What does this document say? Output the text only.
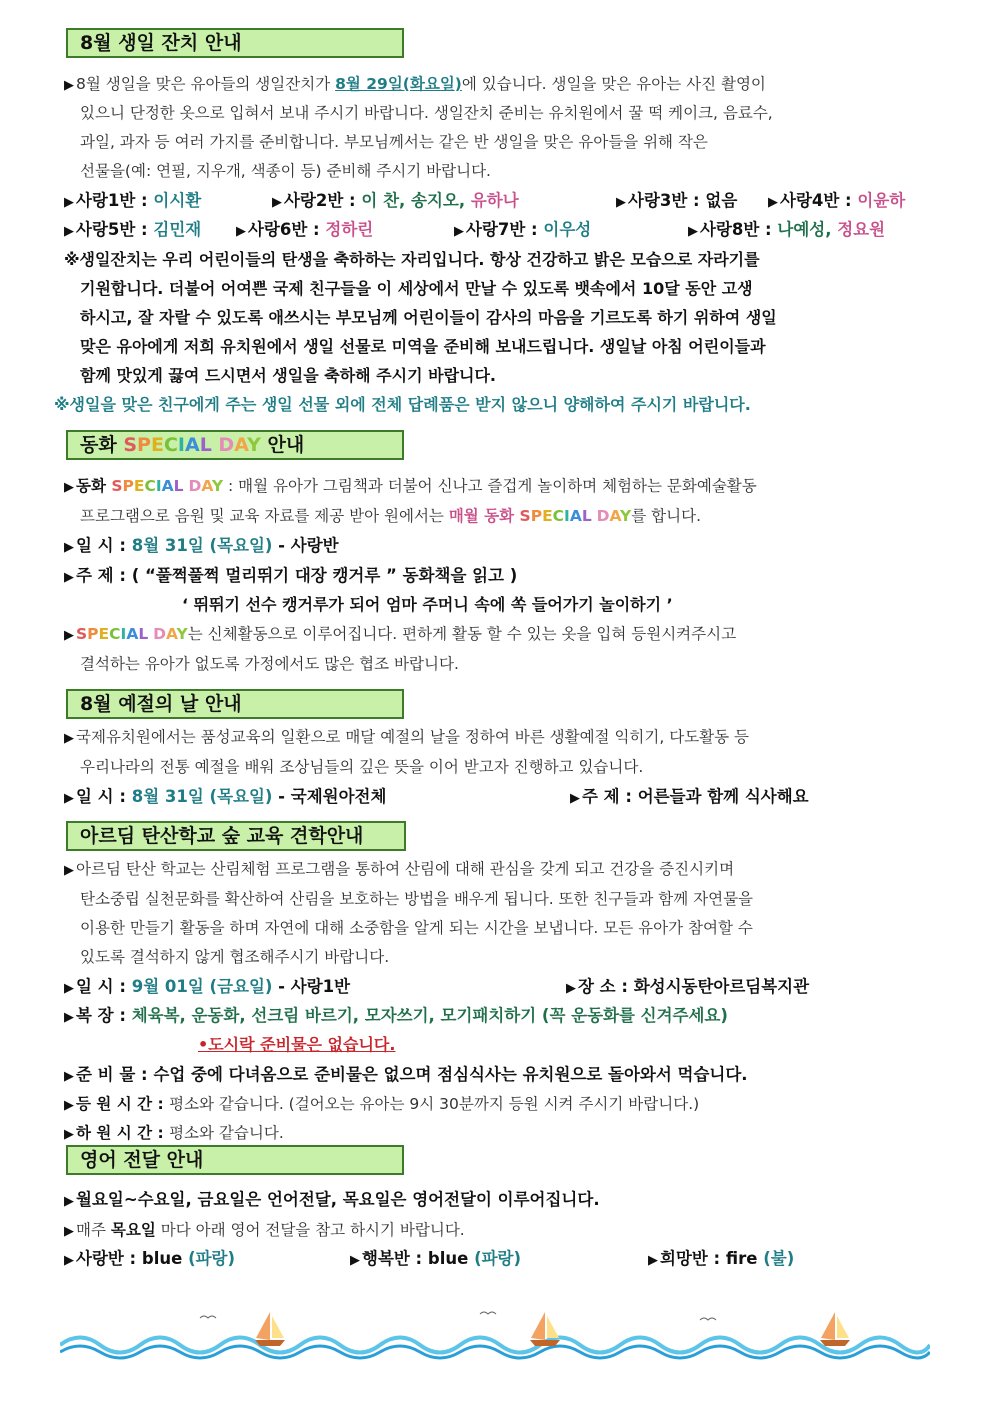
8월 생일 잔치 안내
▶ 8월 생일을 맞은 유아들의 생일잔치가 8월 29일(화요일)에 있습니다. 생일을 맞은 유아는 사진 촬영이
있으니 단정한 옷으로 입혀서 보내 주시기 바랍니다. 생일잔치 준비는 유치원에서 꿀 떡 케이크, 음료수,
과일, 과자 등 여러 가지를 준비합니다. 부모님께서는 같은 반 생일을 맞은 유아들을 위해 작은
선물을(예: 연필, 지우개, 색종이 등) 준비해 주시기 바랍니다.
▶ 사랑1반 : 이시환	▶ 사랑2반 : 이 찬, 송지오, 유하나	▶ 사랑3반 : 없음 ▶ 사랑4반 : 이윤하
▶ 사랑5반 : 김민재	▶ 사랑6반 : 정하린	▶ 사랑7반 : 이우성	▶ 사랑8반 : 나예성, 정요원
※생일잔치는 우리 어린이들의 탄생을 축하하는 자리입니다. 항상 건강하고 밝은 모습으로 자라기를
기원합니다. 더불어 어여쁜 국제 친구들을 이 세상에서 만날 수 있도록 뱃속에서 10달 동안 고생
하시고, 잘 자랄 수 있도록 애쓰시는 부모님께 어린이들이 감사의 마음을 기르도록 하기 위하여 생일
맞은 유아에게 저희 유치원에서 생일 선물로 미역을 준비해 보내드립니다. 생일날 아침 어린이들과
함께 맛있게 끓여 드시면서 생일을 축하해 주시기 바랍니다.
※생일을 맞은 친구에게 주는 생일 선물 외에 전체 답례품은 받지 않으니 양해하여 주시기 바랍니다.
동화 SPECIAL DAY 안내
▶ 동화 SPECIAL DAY : 매월 유아가 그림책과 더불어 신나고 즐겁게 놀이하며 체험하는 문화예술활동
프로그램으로 음원 및 교육 자료를 제공 받아 원에서는 매월 동화 SPECIAL DAY를 합니다.
▶ 일 시 : 8월 31일 (목요일) - 사랑반
▶ 주 제 : ( “풀쩍풀쩍 멀리뛰기 대장 캥거루 ” 동화책을 읽고 )
‘ 뛰뛰기 선수 캥거루가 되어 엄마 주머니 속에 쏙 들어가기 놀이하기 ’
▶ SPECIAL DAY는 신체활동으로 이루어집니다. 편하게 활동 할 수 있는 옷을 입혀 등원시켜주시고
결석하는 유아가 없도록 가정에서도 많은 협조 바랍니다.
8월 예절의 날 안내
▶ 국제유치원에서는 품성교육의 일환으로 매달 예절의 날을 정하여 바른 생활예절 익히기, 다도활동 등
우리나라의 전통 예절을 배워 조상님들의 깊은 뜻을 이어 받고자 진행하고 있습니다.
▶ 일 시 : 8월 31일 (목요일) - 국제원아전체	▶ 주 제 : 어른들과 함께 식사해요
아르딤 탄산학교 숲 교육 견학안내
▶ 아르딤 탄산 학교는 산림체험 프로그램을 통하여 산림에 대해 관심을 갖게 되고 건강을 증진시키며
탄소중립 실천문화를 확산하여 산림을 보호하는 방법을 배우게 됩니다. 또한 친구들과 함께 자연물을
이용한 만들기 활동을 하며 자연에 대해 소중함을 알게 되는 시간을 보냅니다. 모든 유아가 참여할 수
있도록 결석하지 않게 협조해주시기 바랍니다.
▶ 일 시 : 9월 01일 (금요일) - 사랑1반	▶ 장 소 : 화성시동탄아르딤복지관
▶ 복 장 : 체육복, 운동화, 선크림 바르기, 모자쓰기, 모기패치하기 (꼭 운동화를 신겨주세요)
•도시락 준비물은 없습니다.
▶ 준 비 물 : 수업 중에 다녀옴으로 준비물은 없으며 점심식사는 유치원으로 돌아와서 먹습니다.
▶ 등 원 시 간 : 평소와 같습니다. (걸어오는 유아는 9시 30분까지 등원 시켜 주시기 바랍니다.)
▶ 하 원 시 간 : 평소와 같습니다.
영어 전달 안내
▶ 월요일~수요일, 금요일은 언어전달, 목요일은 영어전달이 이루어집니다.
▶ 매주 목요일 마다 아래 영어 전달을 참고 하시기 바랍니다.
▶ 사랑반 : blue (파랑)	▶ 행복반 : blue (파랑)	▶ 희망반 : fire (불)
